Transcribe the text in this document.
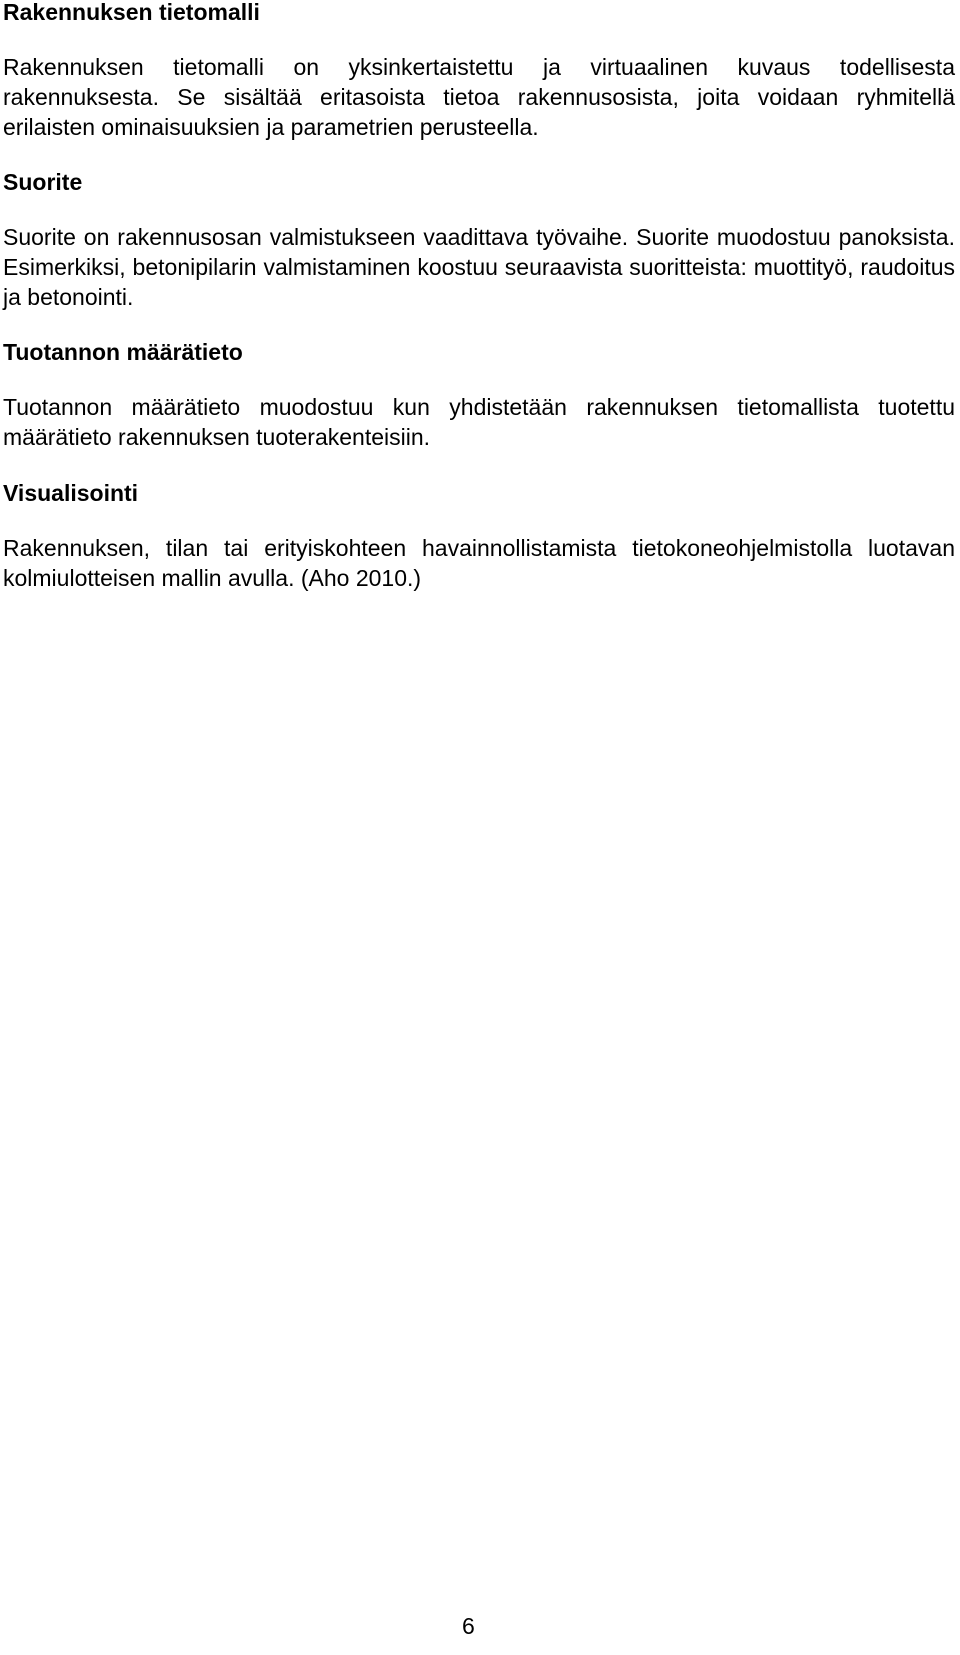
Rakennuksen tietomalli

Rakennuksen tietomalli on yksinkertaistettu ja virtuaalinen kuvaus todellisesta rakennuksesta. Se sisältää eritasoista tietoa rakennusosista, joita voidaan ryhmitellä erilaisten ominaisuuksien ja parametrien perusteella.

Suorite

Suorite on rakennusosan valmistukseen vaadittava työvaihe. Suorite muodostuu panoksista. Esimerkiksi, betonipilarin valmistaminen koostuu seuraavista suoritteista: muottityö, raudoitus ja betonointi.

Tuotannon määrätieto

Tuotannon määrätieto muodostuu kun yhdistetään rakennuksen tietomallista tuotettu määrätieto rakennuksen tuoterakenteisiin.

Visualisointi

Rakennuksen, tilan tai erityiskohteen havainnollistamista tietokoneohjelmistolla luotavan kolmiulotteisen mallin avulla. (Aho 2010.)

6
